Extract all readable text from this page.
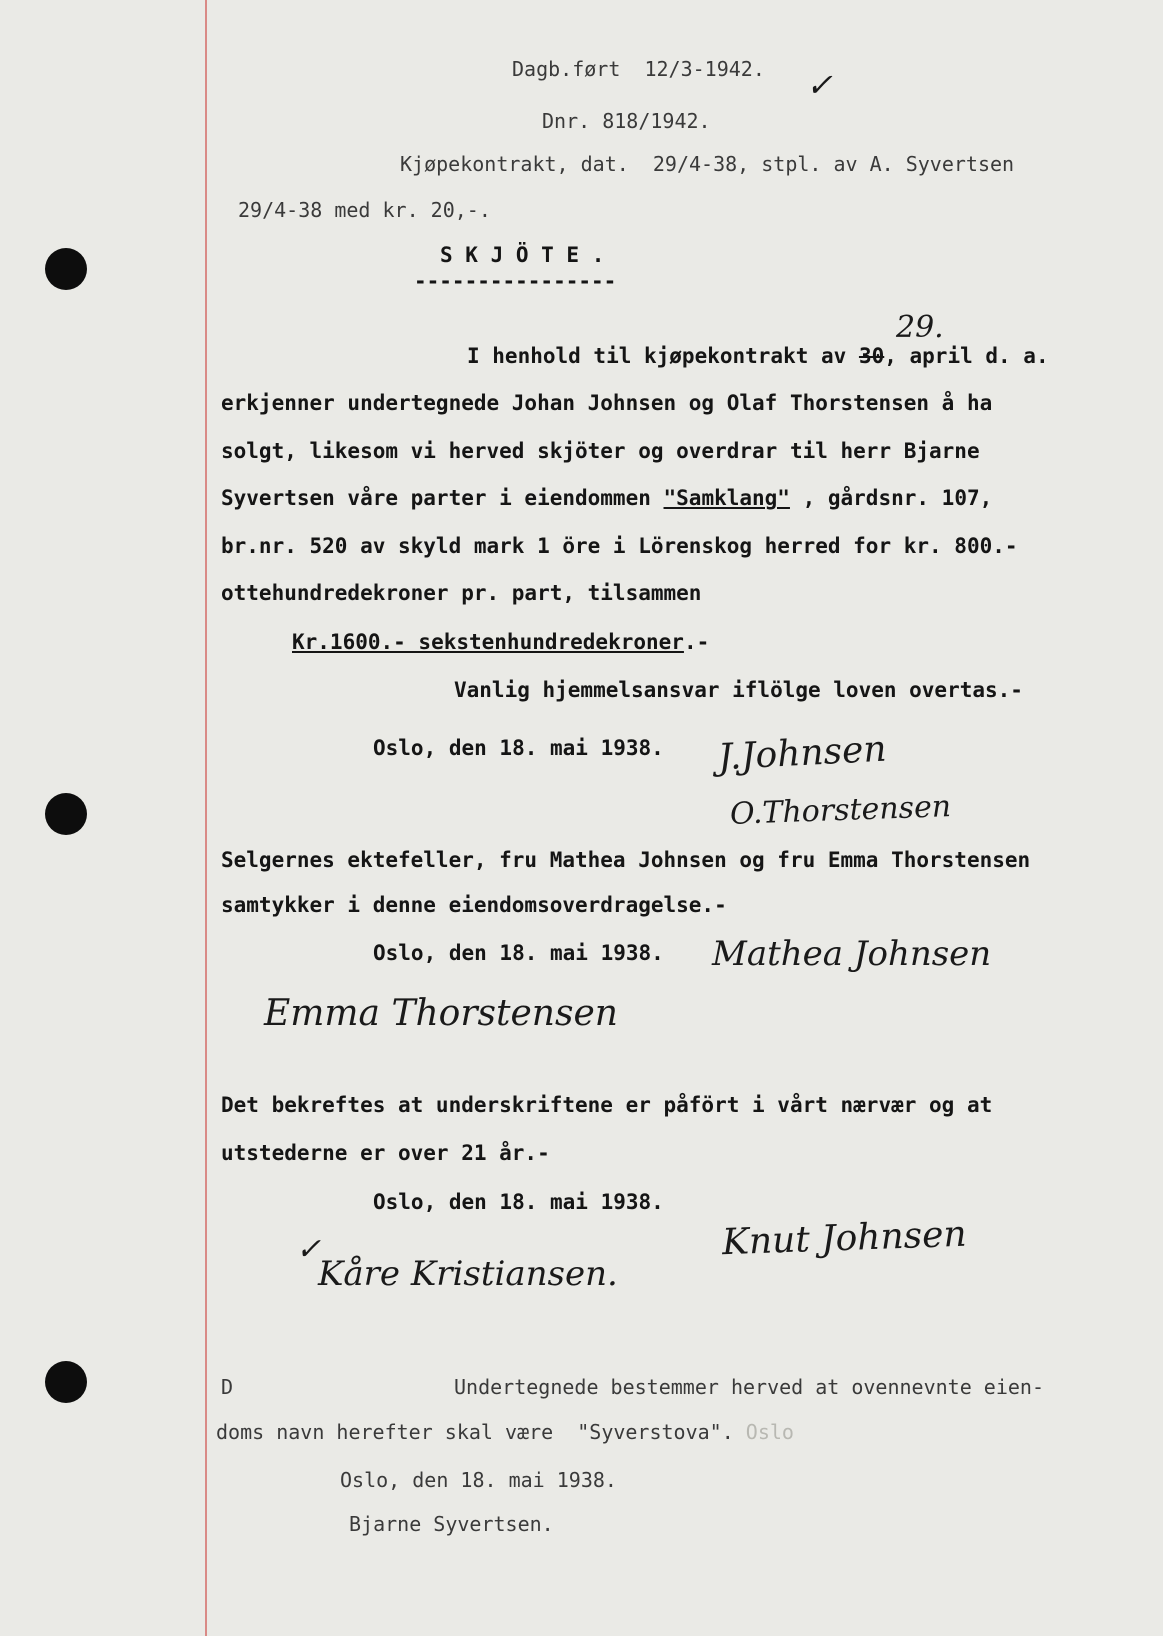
Dagb.ført  12/3-1942. ✓
Dnr. 818/1942.
Kjøpekontrakt, dat.  29/4-38, stpl. av A. Syvertsen
29/4-38 med kr. 20,-.
S K J Ö T E .
----------------
29.
I henhold til kjøpekontrakt av 30, april d. a.
erkjenner undertegnede Johan Johnsen og Olaf Thorstensen å ha
solgt, likesom vi herved skjöter og overdrar til herr Bjarne
Syvertsen våre parter i eiendommen "Samklang" , gårdsnr. 107,
br.nr. 520 av skyld mark 1 öre i Lörenskog herred for kr. 800.-
ottehundredekroner pr. part, tilsammen
Kr.1600.- sekstenhundredekroner.-
Vanlig hjemmelsansvar iflölge loven overtas.-
Oslo, den 18. mai 1938. J.Johnsen
O.Thorstensen
Selgernes ektefeller, fru Mathea Johnsen og fru Emma Thorstensen
samtykker i denne eiendomsoverdragelse.-
Oslo, den 18. mai 1938. Mathea Johnsen
Emma Thorstensen
Det bekreftes at underskriftene er påfört i vårt nærvær og at
utstederne er over 21 år.-
Oslo, den 18. mai 1938.
✓
Kåre Kristiansen.
Knut Johnsen
D	Undertegnede bestemmer herved at ovennevnte eien-
doms navn herefter skal være  "Syverstova". Oslo
Oslo, den 18. mai 1938.
Bjarne Syvertsen.
